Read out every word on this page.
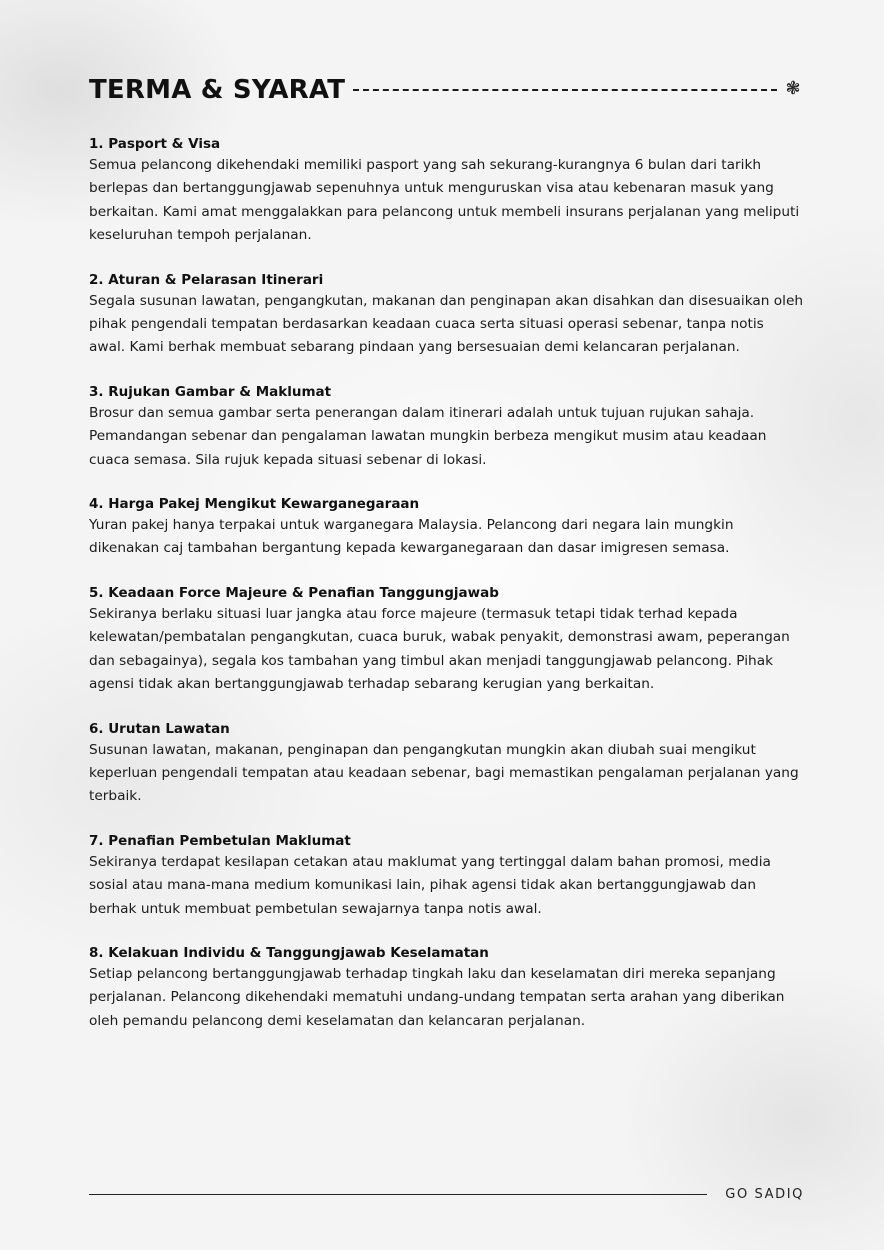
TERMA & SYARAT	❃
1. Pasport & Visa

Semua pelancong dikehendaki memiliki pasport yang sah sekurang-kurangnya 6 bulan dari tarikh berlepas dan bertanggungjawab sepenuhnya untuk menguruskan visa atau kebenaran masuk yang berkaitan. Kami amat menggalakkan para pelancong untuk membeli insurans perjalanan yang meliputi keseluruhan tempoh perjalanan.

2. Aturan & Pelarasan Itinerari

Segala susunan lawatan, pengangkutan, makanan dan penginapan akan disahkan dan disesuaikan oleh pihak pengendali tempatan berdasarkan keadaan cuaca serta situasi operasi sebenar, tanpa notis awal. Kami berhak membuat sebarang pindaan yang bersesuaian demi kelancaran perjalanan.

3. Rujukan Gambar & Maklumat

Brosur dan semua gambar serta penerangan dalam itinerari adalah untuk tujuan rujukan sahaja. Pemandangan sebenar dan pengalaman lawatan mungkin berbeza mengikut musim atau keadaan cuaca semasa. Sila rujuk kepada situasi sebenar di lokasi.

4. Harga Pakej Mengikut Kewarganegaraan

Yuran pakej hanya terpakai untuk warganegara Malaysia. Pelancong dari negara lain mungkin dikenakan caj tambahan bergantung kepada kewarganegaraan dan dasar imigresen semasa.

5. Keadaan Force Majeure & Penafian Tanggungjawab

Sekiranya berlaku situasi luar jangka atau force majeure (termasuk tetapi tidak terhad kepada kelewatan/pembatalan pengangkutan, cuaca buruk, wabak penyakit, demonstrasi awam, peperangan dan sebagainya), segala kos tambahan yang timbul akan menjadi tanggungjawab pelancong. Pihak agensi tidak akan bertanggungjawab terhadap sebarang kerugian yang berkaitan.

6. Urutan Lawatan

Susunan lawatan, makanan, penginapan dan pengangkutan mungkin akan diubah suai mengikut keperluan pengendali tempatan atau keadaan sebenar, bagi memastikan pengalaman perjalanan yang terbaik.

7. Penafian Pembetulan Maklumat

Sekiranya terdapat kesilapan cetakan atau maklumat yang tertinggal dalam bahan promosi, media sosial atau mana-mana medium komunikasi lain, pihak agensi tidak akan bertanggungjawab dan berhak untuk membuat pembetulan sewajarnya tanpa notis awal.

8. Kelakuan Individu & Tanggungjawab Keselamatan

Setiap pelancong bertanggungjawab terhadap tingkah laku dan keselamatan diri mereka sepanjang perjalanan. Pelancong dikehendaki mematuhi undang-undang tempatan serta arahan yang diberikan oleh pemandu pelancong demi keselamatan dan kelancaran perjalanan.

GO SADIQ
